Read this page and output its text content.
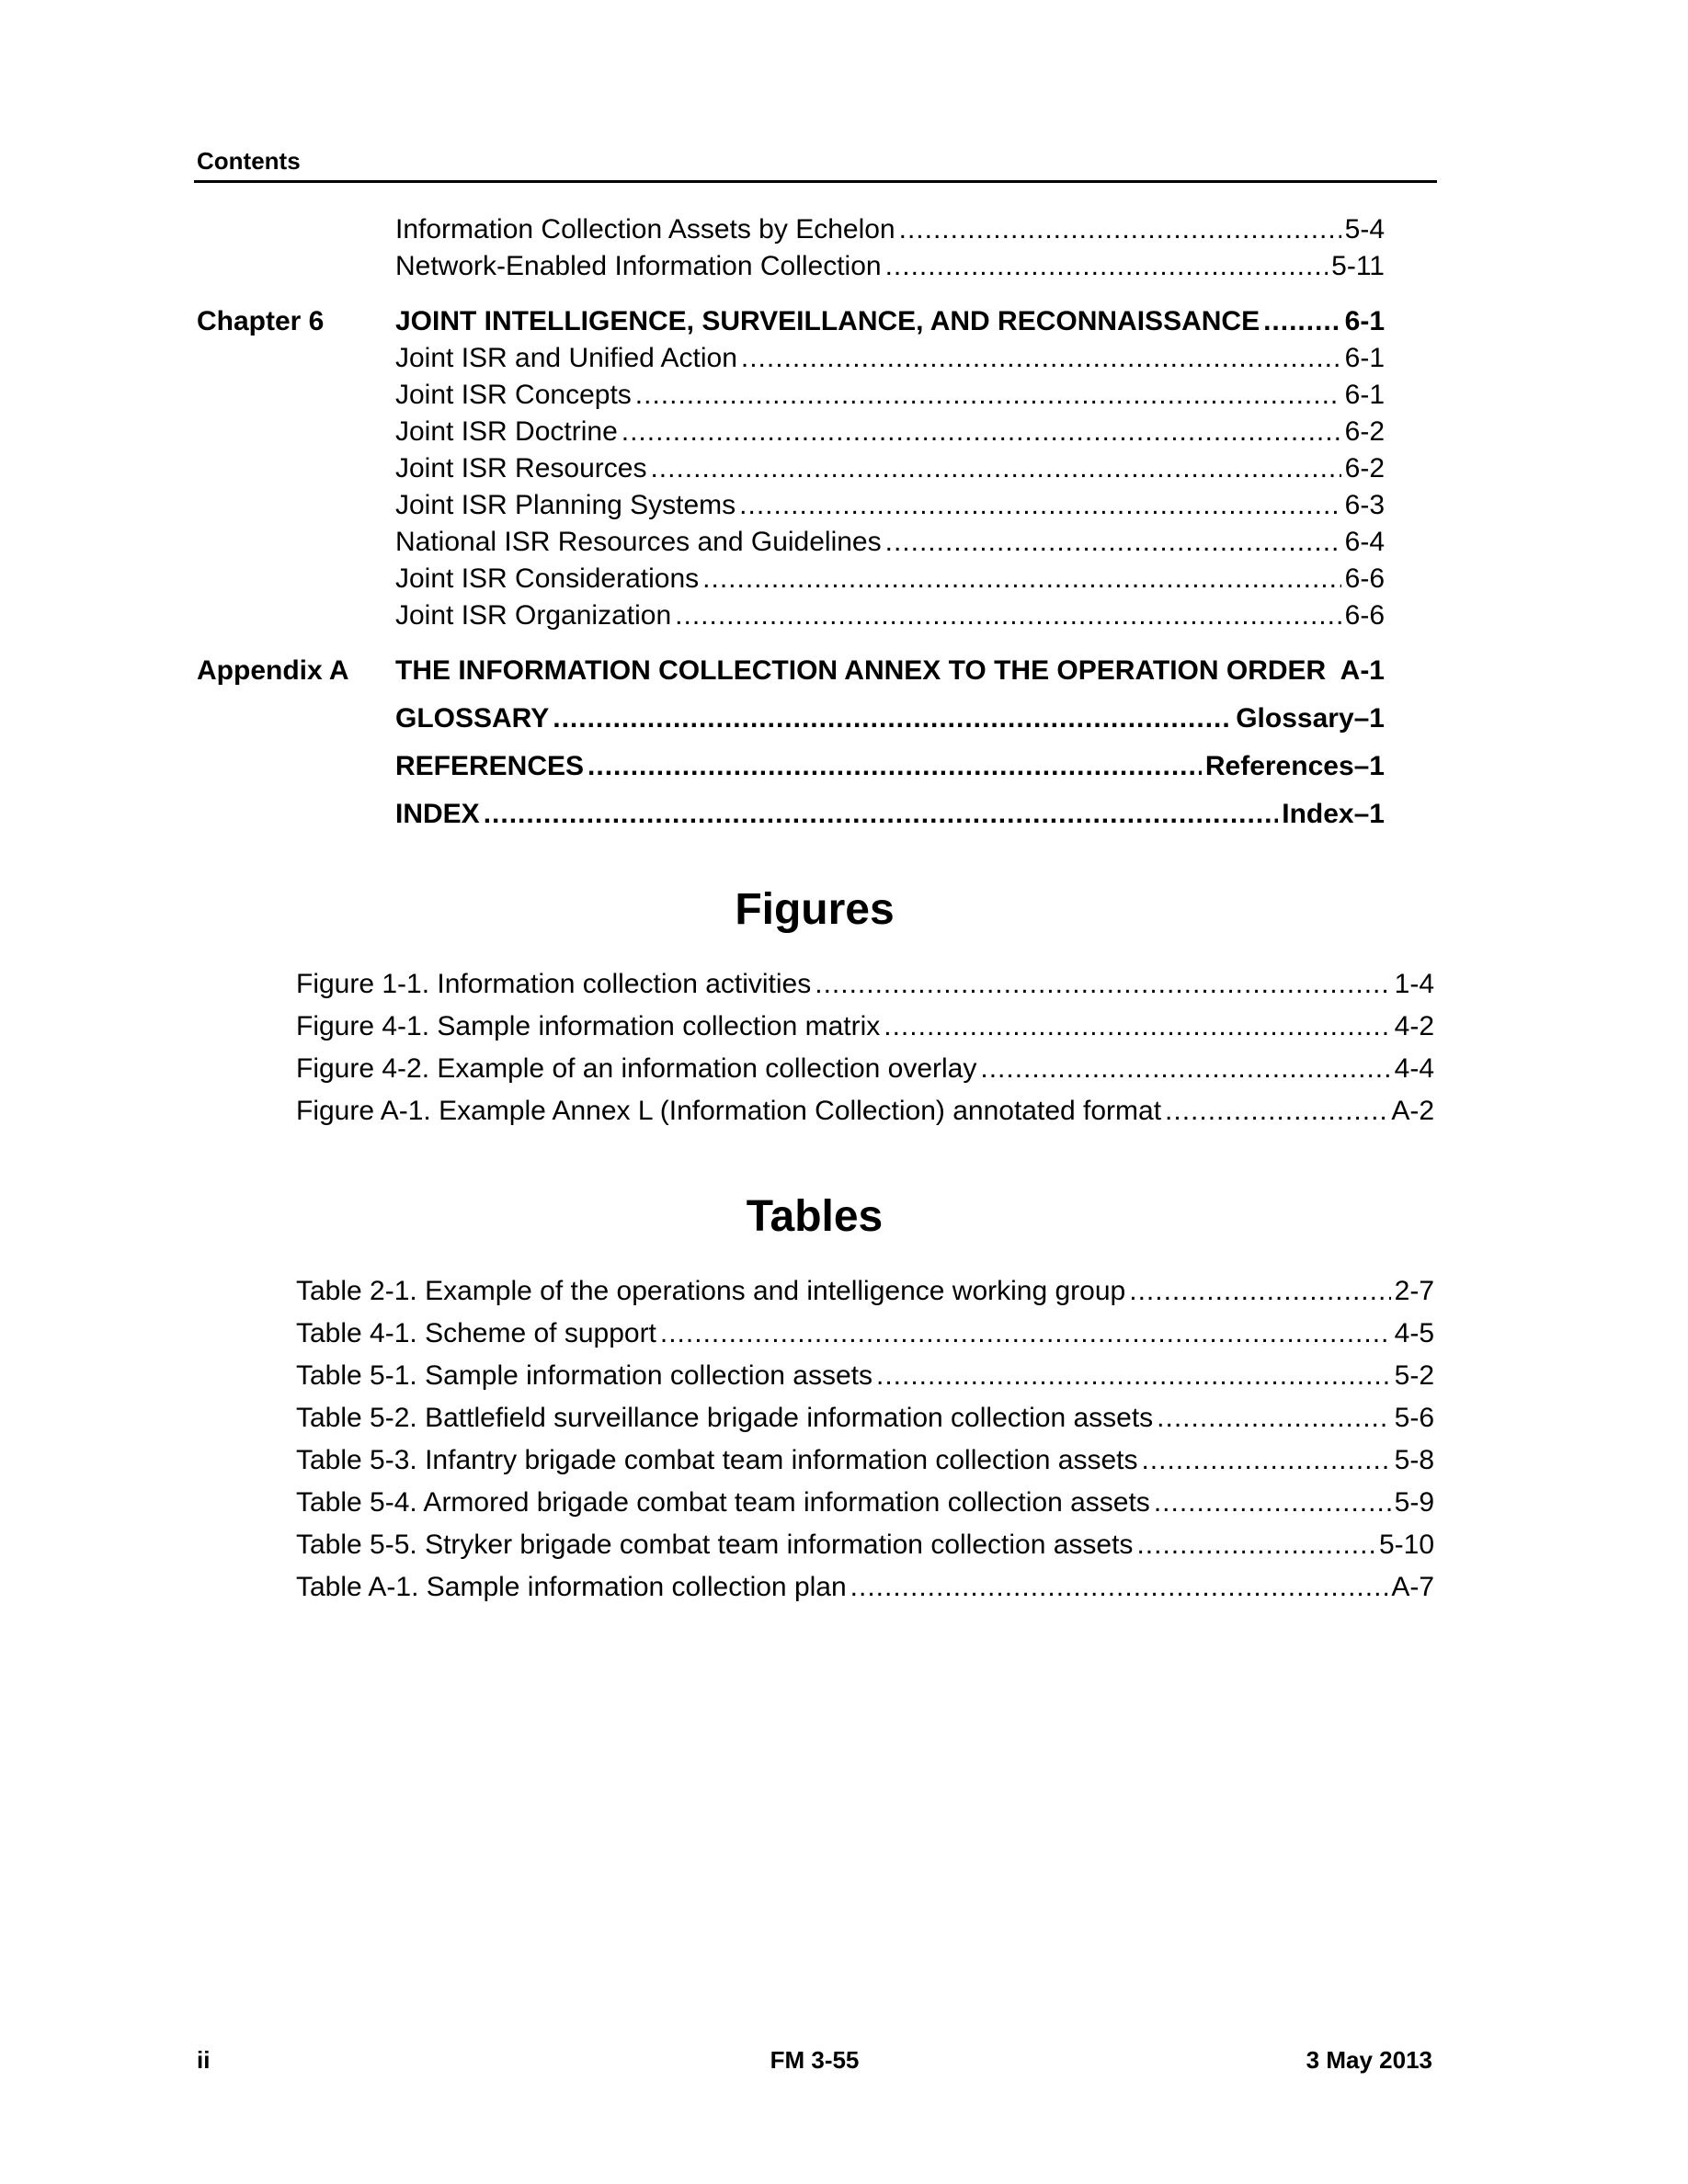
Contents
Information Collection Assets by Echelon .....	5-4
Network-Enabled Information Collection .....	5-11
Chapter 6	JOINT INTELLIGENCE, SURVEILLANCE, AND RECONNAISSANCE .....	6-1
Joint ISR and Unified Action .....	6-1
Joint ISR Concepts .....	6-1
Joint ISR Doctrine .....	6-2
Joint ISR Resources .....	6-2
Joint ISR Planning Systems .....	6-3
National ISR Resources and Guidelines .....	6-4
Joint ISR Considerations .....	6-6
Joint ISR Organization .....	6-6
Appendix A	THE INFORMATION COLLECTION ANNEX TO THE OPERATION ORDER A-1
GLOSSARY .....	Glossary–1
REFERENCES .....	References–1
INDEX .....	Index–1
Figures
Figure 1-1. Information collection activities .....	1-4
Figure 4-1. Sample information collection matrix .....	4-2
Figure 4-2. Example of an information collection overlay .....	4-4
Figure A-1. Example Annex L (Information Collection) annotated format .....	A-2
Tables
Table 2-1. Example of the operations and intelligence working group .....	2-7
Table 4-1. Scheme of support .....	4-5
Table 5-1. Sample information collection assets .....	5-2
Table 5-2. Battlefield surveillance brigade information collection assets .....	5-6
Table 5-3. Infantry brigade combat team information collection assets .....	5-8
Table 5-4. Armored brigade combat team information collection assets .....	5-9
Table 5-5. Stryker brigade combat team information collection assets .....	5-10
Table A-1. Sample information collection plan .....	A-7
ii	FM 3-55	3 May 2013
